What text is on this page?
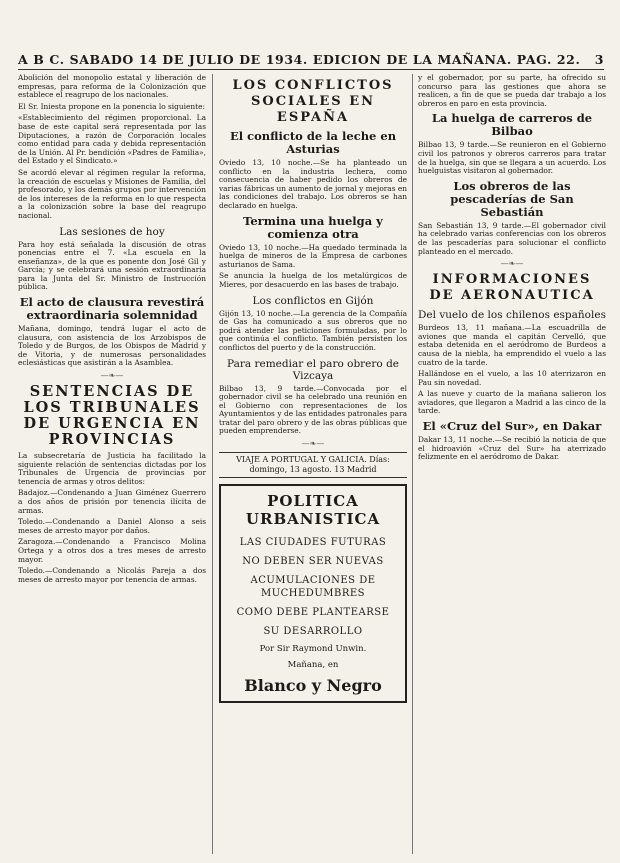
A B C. SABADO 14 DE JULIO DE 1934. EDICION DE LA MAÑANA. PAG. 22. 3

Abolición del monopolio estatal y liberación de empresas, para reforma de la Colonización que establece el reagrupo de los nacionales.

El Sr. Iniesta propone en la ponencia lo siguiente:

«Establecimiento del régimen proporcional. La base de este capital será representada por las Diputaciones, a razón de Corporación locales como entidad para cada y debida representación de la Unión. Al Pr. bendición «Padres de Familia», del Estado y el Sindicato.»

Se acordó elevar al régimen regular la reforma, la creación de escuelas y Misiones de Familia, del profesorado, y los demás grupos por intervención de los intereses de la reforma en lo que respecta a la colonización sobre la base del reagrupo nacional.

Las sesiones de hoy

Para hoy está señalada la discusión de otras ponencias entre el 7. «La escuela en la enseñanza», de la que es ponente don José Gil y García; y se celebrará una sesión extraordinaria para la Junta del Sr. Ministro de Instrucción pública.

El acto de clausura revestirá extraordinaria solemnidad

Mañana, domingo, tendrá lugar el acto de clausura, con asistencia de los Arzobispos de Toledo y de Burgos, de los Obispos de Madrid y de Vitoria, y de numerosas personalidades eclesiásticas que asistirán a la Asamblea.

—❧—
SENTENCIAS DE LOS TRIBUNALES DE URGENCIA EN PROVINCIAS

La subsecretaría de Justicia ha facilitado la siguiente relación de sentencias dictadas por los Tribunales de Urgencia de provincias por tenencia de armas y otros delitos:

Badajoz.—Condenando a Juan Giménez Guerrero a dos años de prisión por tenencia ilícita de armas.

Toledo.—Condenando a Daniel Alonso a seis meses de arresto mayor por daños.

Zaragoza.—Condenando a Francisco Molina Ortega y a otros dos a tres meses de arresto mayor.

Toledo.—Condenando a Nicolás Pareja a dos meses de arresto mayor por tenencia de armas.

LOS CONFLICTOS SOCIALES EN ESPAÑA
El conflicto de la leche en Asturias

Oviedo 13, 10 noche.—Se ha planteado un conflicto en la industria lechera, como consecuencia de haber pedido los obreros de varias fábricas un aumento de jornal y mejoras en las condiciones del trabajo. Los obreros se han declarado en huelga.

Termina una huelga y comienza otra

Oviedo 13, 10 noche.—Ha quedado terminada la huelga de mineros de la Empresa de carbones asturianos de Sama.

Se anuncia la huelga de los metalúrgicos de Mieres, por desacuerdo en las bases de trabajo.

Los conflictos en Gijón

Gijón 13, 10 noche.—La gerencia de la Compañía de Gas ha comunicado a sus obreros que no podrá atender las peticiones formuladas, por lo que continúa el conflicto. También persisten los conflictos del puerto y de la construcción.

Para remediar el paro obrero de Vizcaya

Bilbao 13, 9 tarde.—Convocada por el gobernador civil se ha celebrado una reunión en el Gobierno con representaciones de los Ayuntamientos y de las entidades patronales para tratar del paro obrero y de las obras públicas que pueden emprenderse.

—❧—
VIAJE A PORTUGAL Y GALICIA. Días: domingo, 13 agosto. 13 Madrid
POLITICA URBANISTICA
LAS CIUDADES FUTURAS
NO DEBEN SER NUEVAS
ACUMULACIONES DE MUCHEDUMBRES
COMO DEBE PLANTEARSE
SU DESARROLLO
Por Sir Raymond Unwin.
Mañana, en
Blanco y Negro

y el gobernador, por su parte, ha ofrecido su concurso para las gestiones que ahora se realicen, a fin de que se pueda dar trabajo a los obreros en paro en esta provincia.

La huelga de carreros de Bilbao

Bilbao 13, 9 tarde.—Se reunieron en el Gobierno civil los patronos y obreros carreros para tratar de la huelga, sin que se llegara a un acuerdo. Los huelguistas visitaron al gobernador.

Los obreros de las pescaderías de San Sebastián

San Sebastián 13, 9 tarde.—El gobernador civil ha celebrado varias conferencias con los obreros de las pescaderías para solucionar el conflicto planteado en el mercado.

—❧—
INFORMACIONES DE AERONAUTICA
Del vuelo de los chilenos españoles

Burdeos 13, 11 mañana.—La escuadrilla de aviones que manda el capitán Cervelló, que estaba detenida en el aeródromo de Burdeos a causa de la niebla, ha emprendido el vuelo a las cuatro de la tarde.

Hallándose en el vuelo, a las 10 aterrizaron en Pau sin novedad.

A las nueve y cuarto de la mañana salieron los aviadores, que llegaron a Madrid a las cinco de la tarde.

El «Cruz del Sur», en Dakar

Dakar 13, 11 noche.—Se recibió la noticia de que el hidroavión «Cruz del Sur» ha aterrizado felizmente en el aeródromo de Dakar.
